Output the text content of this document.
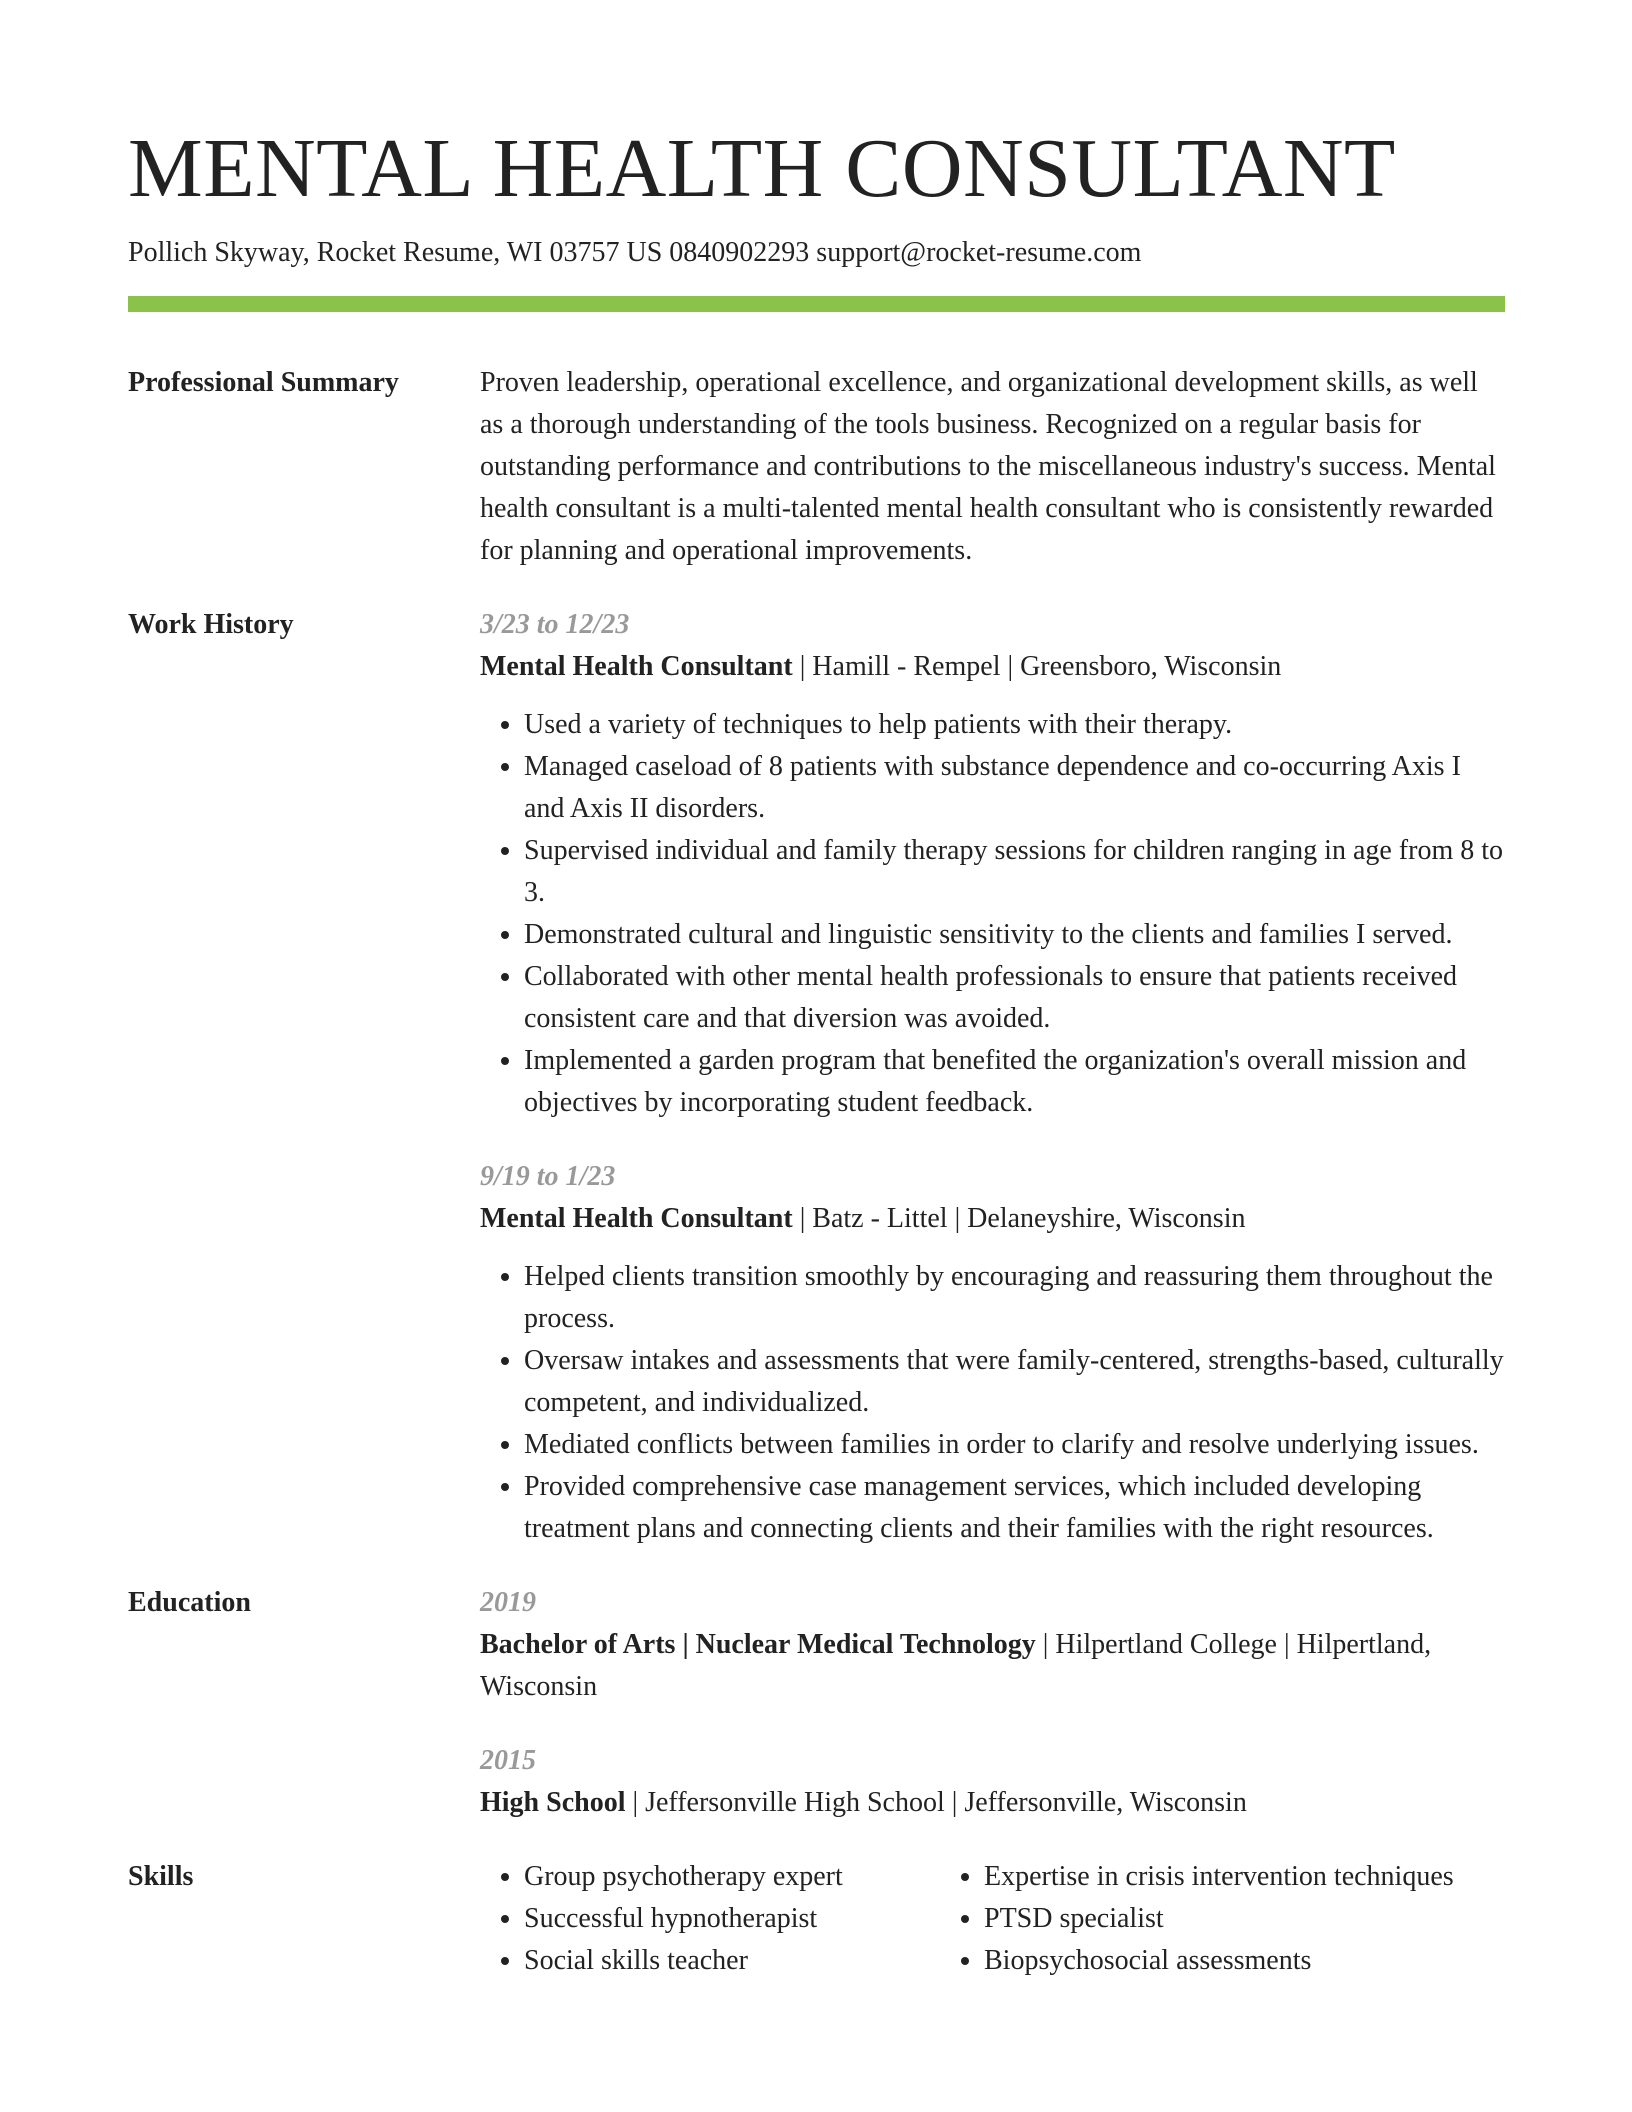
MENTAL HEALTH CONSULTANT
Pollich Skyway, Rocket Resume, WI 03757 US 0840902293 support@rocket-resume.com
Professional Summary	Proven leadership, operational excellence, and organizational development skills, as well as a thorough understanding of the tools business. Recognized on a regular basis for outstanding performance and contributions to the miscellaneous industry's success. Mental health consultant is a multi-talented mental health consultant who is consistently rewarded for planning and operational improvements.
Work History	3/23 to 12/23
Mental Health Consultant | Hamill - Rempel | Greensboro, Wisconsin
• Used a variety of techniques to help patients with their therapy.
• Managed caseload of 8 patients with substance dependence and co-occurring Axis I and Axis II disorders.
• Supervised individual and family therapy sessions for children ranging in age from 8 to 3.
• Demonstrated cultural and linguistic sensitivity to the clients and families I served.
• Collaborated with other mental health professionals to ensure that patients received consistent care and that diversion was avoided.
• Implemented a garden program that benefited the organization's overall mission and objectives by incorporating student feedback.
9/19 to 1/23
Mental Health Consultant | Batz - Littel | Delaneyshire, Wisconsin
• Helped clients transition smoothly by encouraging and reassuring them throughout the process.
• Oversaw intakes and assessments that were family-centered, strengths-based, culturally competent, and individualized.
• Mediated conflicts between families in order to clarify and resolve underlying issues.
• Provided comprehensive case management services, which included developing treatment plans and connecting clients and their families with the right resources.
Education	2019
Bachelor of Arts | Nuclear Medical Technology | Hilpertland College | Hilpertland, Wisconsin
2015
High School | Jeffersonville High School | Jeffersonville, Wisconsin
Skills
•	Group psychotherapy expert
• Successful hypnotherapist
• Social skills teacher
• Expertise in crisis intervention techniques
• PTSD specialist
• Biopsychosocial assessments
